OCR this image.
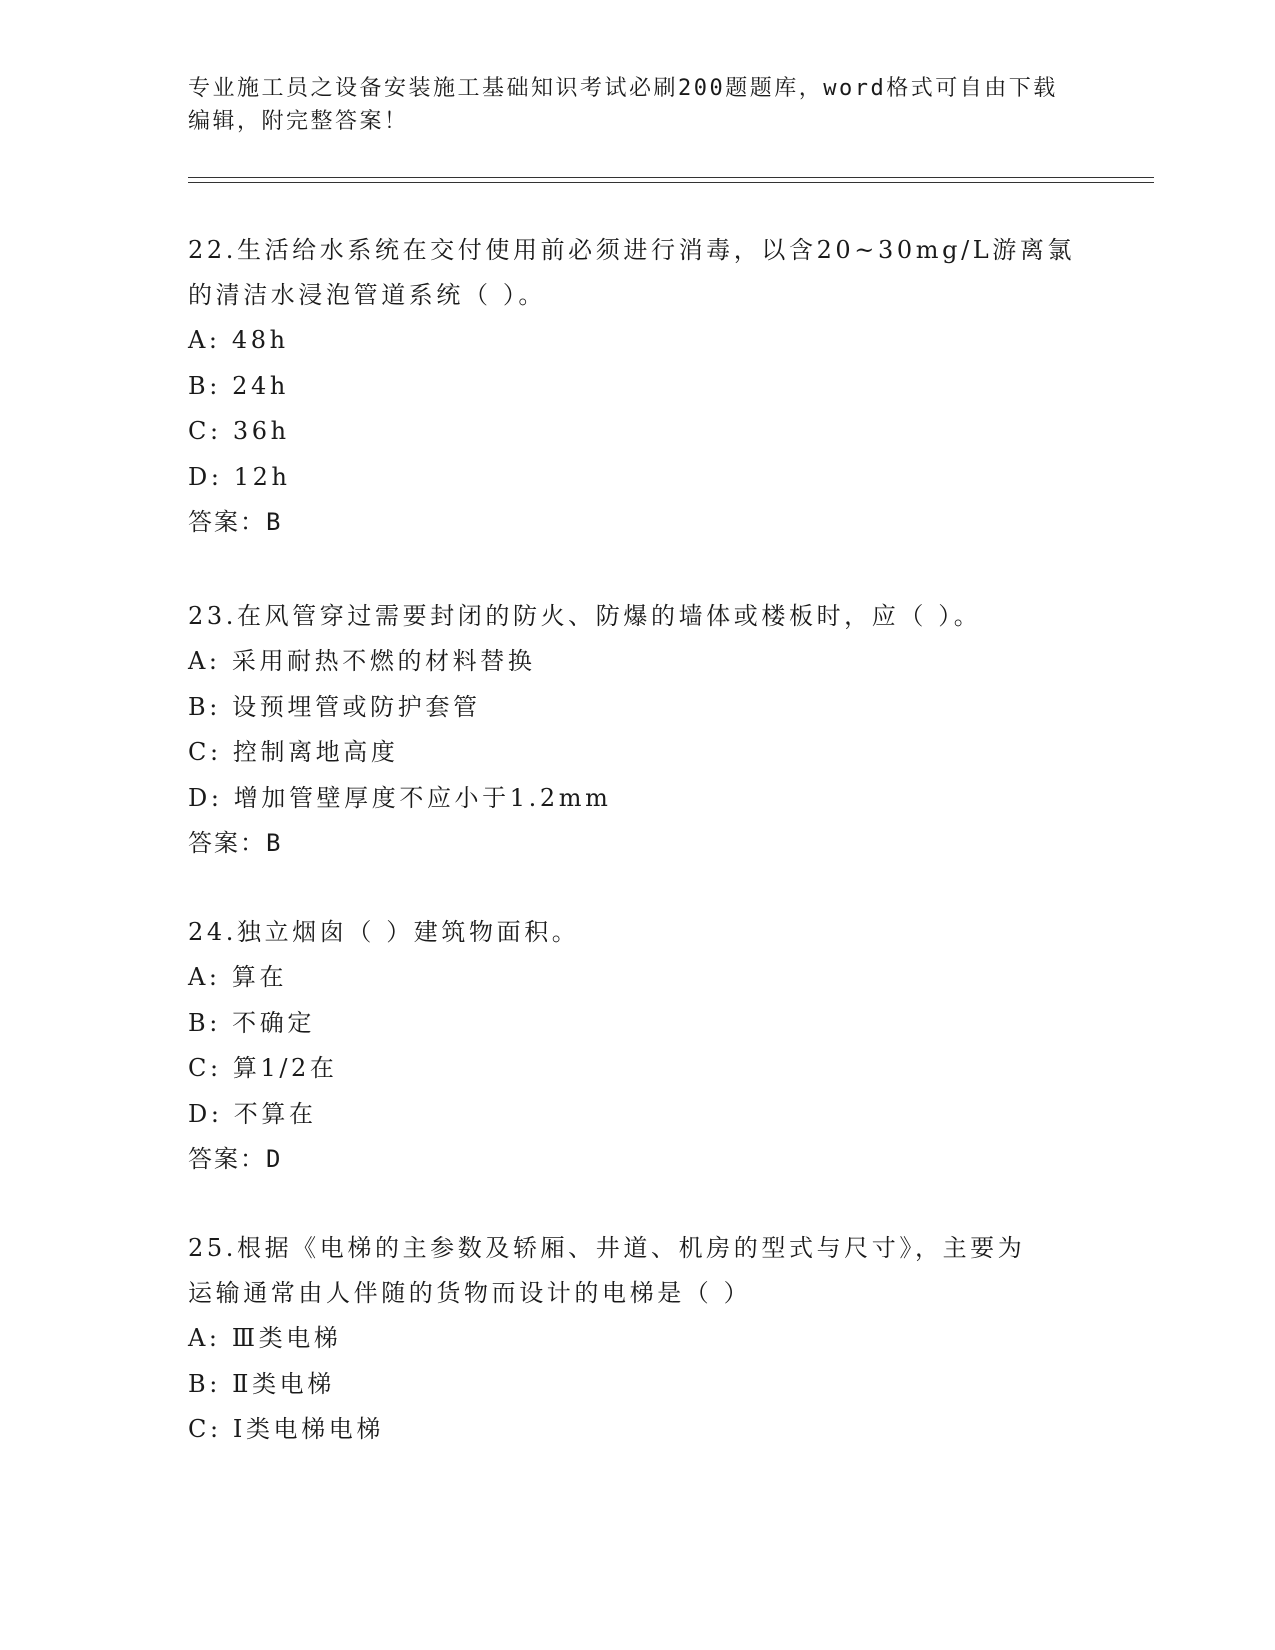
专业施工员之设备安装施工基础知识考试必刷200题题库，word格式可自由下载
编辑，附完整答案！
22.生活给水系统在交付使用前必须进行消毒，以含20~30mg/L游离氯
的清洁水浸泡管道系统（ ）。
A: 48h
B: 24h
C: 36h
D: 12h
答案：B
23.在风管穿过需要封闭的防火、防爆的墙体或楼板时，应（ ）。
A: 采用耐热不燃的材料替换
B: 设预埋管或防护套管
C: 控制离地高度
D: 增加管壁厚度不应小于1.2mm
答案：B
24.独立烟囱（ ）建筑物面积。
A: 算在
B: 不确定
C: 算1/2在
D: 不算在
答案：D
25.根据《电梯的主参数及轿厢、井道、机房的型式与尺寸》，主要为
运输通常由人伴随的货物而设计的电梯是（ ）
A: Ⅲ类电梯
B: Ⅱ类电梯
C: Ⅰ类电梯电梯
